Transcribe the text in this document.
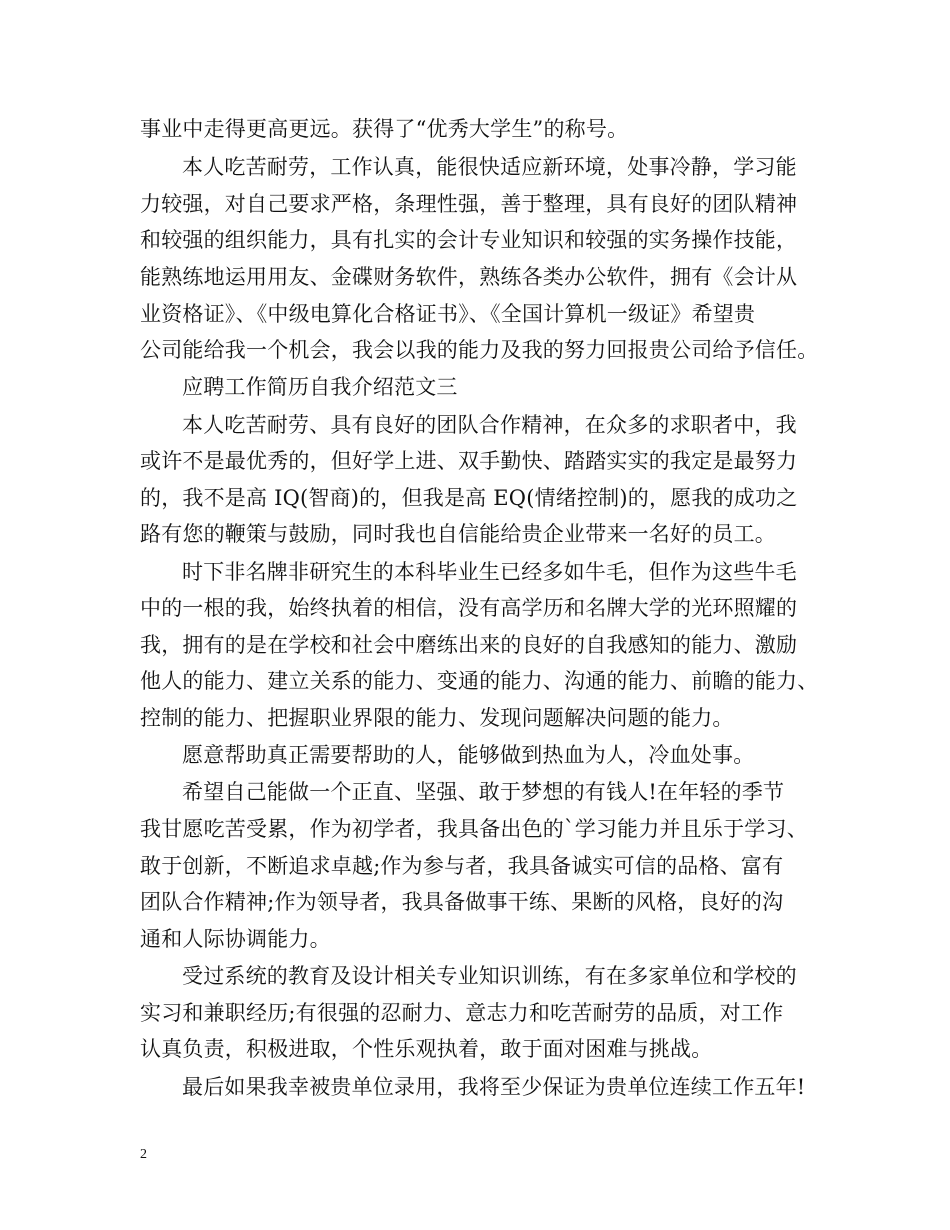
事业中走得更高更远。获得了“优秀大学生”的称号。
本人吃苦耐劳，工作认真，能很快适应新环境，处事冷静，学习能
力较强，对自己要求严格，条理性强，善于整理，具有良好的团队精神
和较强的组织能力，具有扎实的会计专业知识和较强的实务操作技能，
能熟练地运用用友、金碟财务软件，熟练各类办公软件，拥有《会计从
业资格证》、《中级电算化合格证书》、《全国计算机一级证》希望贵
公司能给我一个机会，我会以我的能力及我的努力回报贵公司给予信任。
应聘工作简历自我介绍范文三
本人吃苦耐劳、具有良好的团队合作精神，在众多的求职者中，我
或许不是最优秀的，但好学上进、双手勤快、踏踏实实的我定是最努力
的，我不是高 IQ(智商)的，但我是高 EQ(情绪控制)的，愿我的成功之
路有您的鞭策与鼓励，同时我也自信能给贵企业带来一名好的员工。
时下非名牌非研究生的本科毕业生已经多如牛毛，但作为这些牛毛
中的一根的我，始终执着的相信，没有高学历和名牌大学的光环照耀的
我，拥有的是在学校和社会中磨练出来的良好的自我感知的能力、激励
他人的能力、建立关系的能力、变通的能力、沟通的能力、前瞻的能力、
控制的能力、把握职业界限的能力、发现问题解决问题的能力。
愿意帮助真正需要帮助的人，能够做到热血为人，冷血处事。
希望自己能做一个正直、坚强、敢于梦想的有钱人!在年轻的季节
我甘愿吃苦受累，作为初学者，我具备出色的`学习能力并且乐于学习、
敢于创新，不断追求卓越;作为参与者，我具备诚实可信的品格、富有
团队合作精神;作为领导者，我具备做事干练、果断的风格，良好的沟
通和人际协调能力。
受过系统的教育及设计相关专业知识训练，有在多家单位和学校的
实习和兼职经历;有很强的忍耐力、意志力和吃苦耐劳的品质，对工作
认真负责，积极进取，个性乐观执着，敢于面对困难与挑战。
最后如果我幸被贵单位录用，我将至少保证为贵单位连续工作五年!
2
